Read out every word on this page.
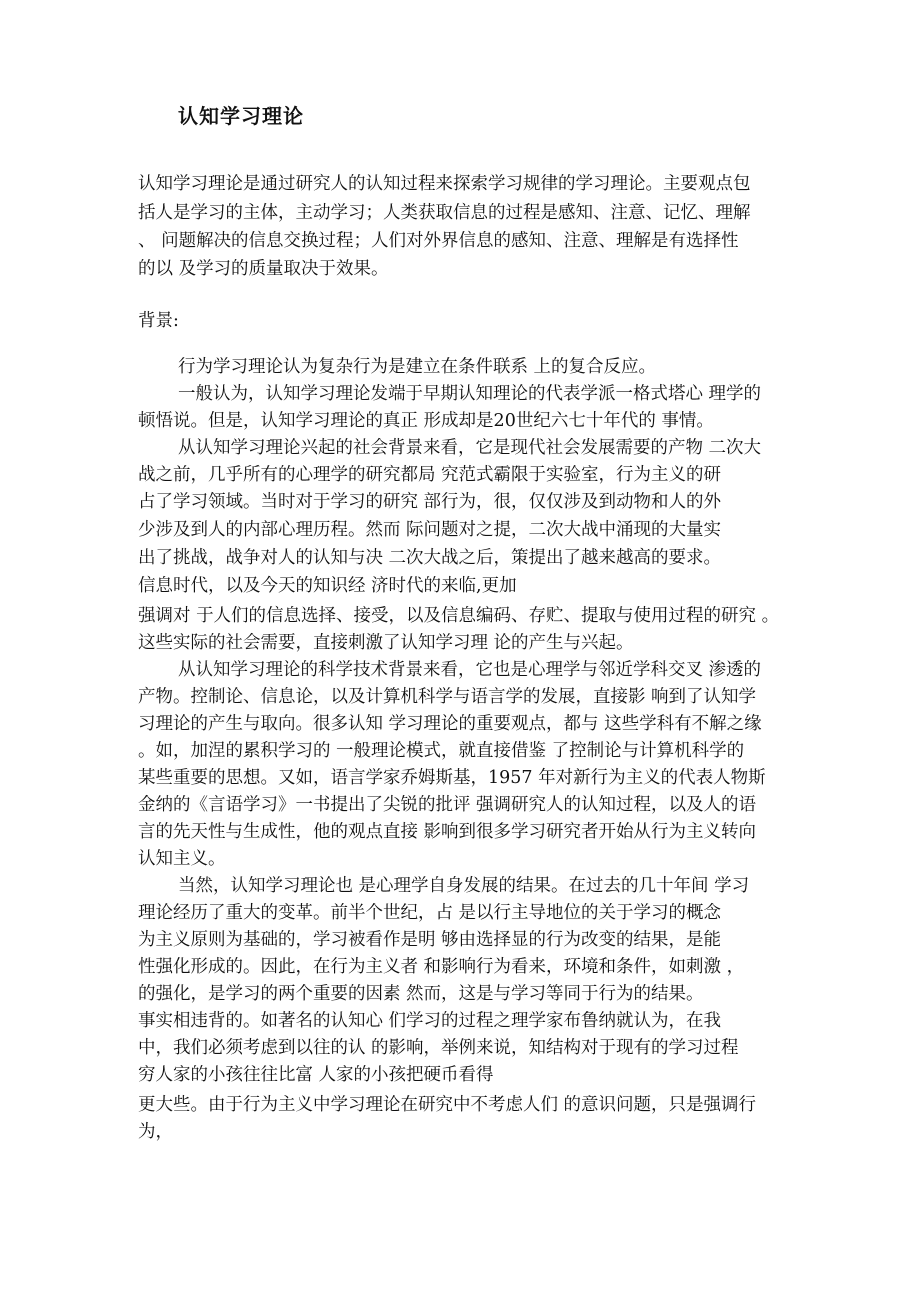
认知学习理论
认知学习理论是通过研究人的认知过程来探索学习规律的学习理论。主要观点包
括人是学习的主体，主动学习；人类获取信息的过程是感知、注意、记忆、理解
、 问题解决的信息交换过程；人们对外界信息的感知、注意、理解是有选择性
的以 及学习的质量取决于效果。
背景:
行为学习理论认为复杂行为是建立在条件联系 上的复合反应。
一般认为，认知学习理论发端于早期认知理论的代表学派一格式塔心 理学的
顿悟说。但是，认知学习理论的真正 形成却是20世纪六七十年代的 事情。
从认知学习理论兴起的社会背景来看，它是现代社会发展需要的产物 二次大
战之前，几乎所有的心理学的研究都局 究范式霸限于实验室，行为主义的研
占了学习领域。当时对于学习的研究 部行为，很，仅仅涉及到动物和人的外
少涉及到人的内部心理历程。然而 际问题对之提，二次大战中涌现的大量实
出了挑战，战争对人的认知与决 二次大战之后，策提出了越来越高的要求。
信息时代，以及今天的知识经 济时代的来临,更加
强调对 于人们的信息选择、接受，以及信息编码、存贮、提取与使用过程的研究 。
这些实际的社会需要，直接刺激了认知学习理 论的产生与兴起。
从认知学习理论的科学技术背景来看，它也是心理学与邻近学科交叉 渗透的
产物。控制论、信息论，以及计算机科学与语言学的发展，直接影 响到了认知学
习理论的产生与取向。很多认知 学习理论的重要观点，都与 这些学科有不解之缘
。如，加涅的累积学习的 一般理论模式，就直接借鉴 了控制论与计算机科学的
某些重要的思想。又如，语言学家乔姆斯基，1957 年对新行为主义的代表人物斯
金纳的《言语学习》一书提出了尖锐的批评 强调研究人的认知过程，以及人的语
言的先天性与生成性，他的观点直接 影响到很多学习研究者开始从行为主义转向
认知主义。
当然，认知学习理论也 是心理学自身发展的结果。在过去的几十年间 学习
理论经历了重大的变革。前半个世纪，占 是以行主导地位的关于学习的概念
为主义原则为基础的，学习被看作是明 够由选择显的行为改变的结果，是能
性强化形成的。因此，在行为主义者 和影响行为看来，环境和条件，如刺激 ，
的强化，是学习的两个重要的因素 然而，这是与学习等同于行为的结果。
事实相违背的。如著名的认知心 们学习的过程之理学家布鲁纳就认为，在我
中，我们必须考虑到以往的认 的影响，举例来说，知结构对于现有的学习过程
穷人家的小孩往往比富 人家的小孩把硬币看得
更大些。由于行为主义中学习理论在研究中不考虑人们 的意识问题，只是强调行
为，
